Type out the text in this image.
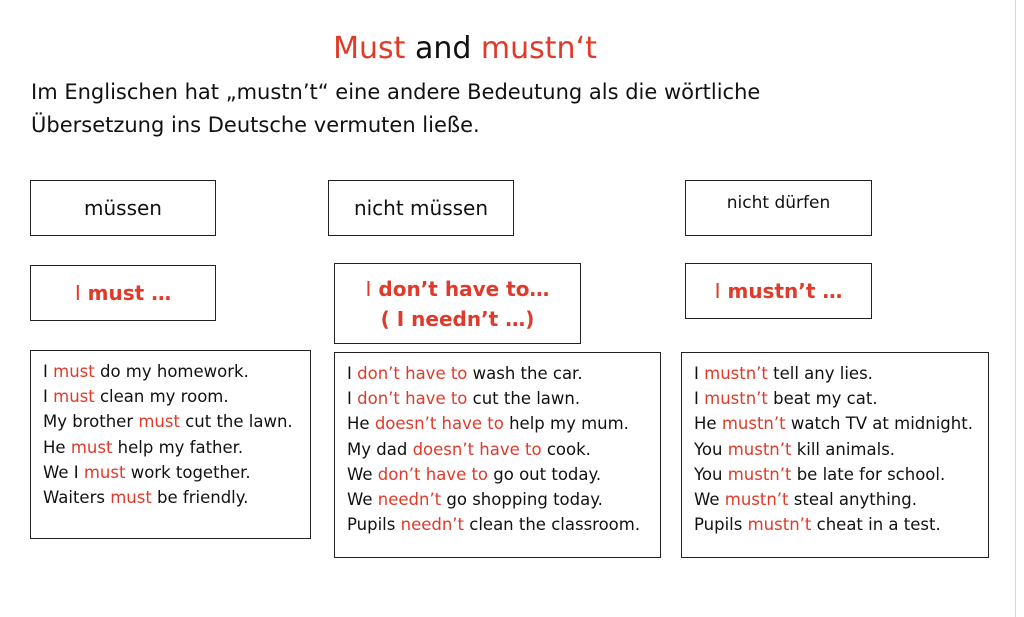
Must and mustn‘t
Im Englischen hat „mustn’t“ eine andere Bedeutung als die wörtliche
Übersetzung ins Deutsche vermuten ließe.
müssen	nicht müssen	nicht dürfen
I must …	I don’t have to…
( I needn’t …)
I mustn’t …
I must do my homework.
I must clean my room.
My brother must cut the lawn.
He must help my father.
We I must work together.
Waiters must be friendly.
I don’t have to wash the car.
I don’t have to cut the lawn.
He doesn’t have to help my mum.
My dad doesn’t have to cook.
We don’t have to go out today.
We needn’t go shopping today.
Pupils needn’t clean the classroom.
I mustn’t tell any lies.
I mustn’t beat my cat.
He mustn’t watch TV at midnight.
You mustn’t kill animals.
You mustn’t be late for school.
We mustn’t steal anything.
Pupils mustn’t cheat in a test.
